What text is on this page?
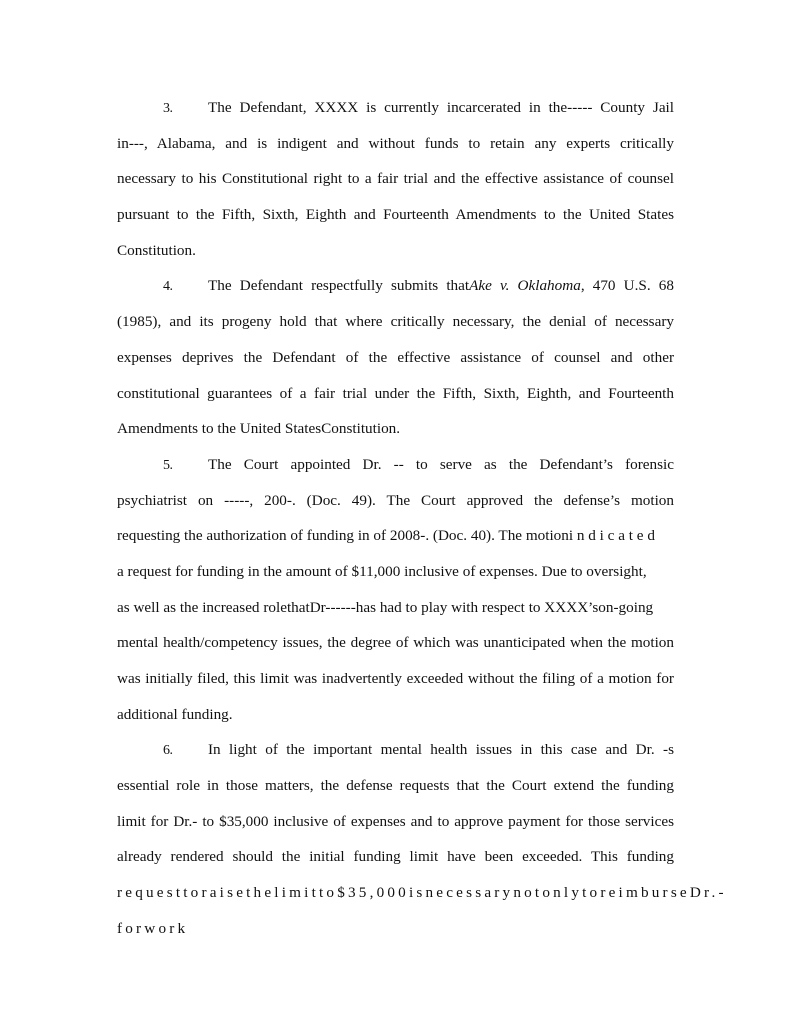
3. The Defendant, XXXX is currently incarcerated in the----- County Jail
in---, Alabama, and is indigent and without funds to retain any experts critically
necessary to his Constitutional right to a fair trial and the effective assistance of counsel
pursuant to the Fifth, Sixth, Eighth and Fourteenth Amendments to the United States
Constitution.
4. The Defendant respectfully submits thatAke v. Oklahoma, 470 U.S. 68
(1985), and its progeny hold that where critically necessary, the denial of necessary
expenses deprives the Defendant of the effective assistance of counsel and other
constitutional guarantees of a fair trial under the Fifth, Sixth, Eighth, and Fourteenth
Amendments to the United StatesConstitution.
5. The Court appointed Dr. -- to serve as the Defendant’s forensic
psychiatrist on -----, 200-. (Doc. 49). The Court approved the defense’s motion
requesting the authorization of funding in of 2008-. (Doc. 40). The motioni n d i c a t e d
a request for funding in the amount of $11,000 inclusive of expenses. Due to oversight,
as well as the increased rolethatDr------has had to play with respect to XXXX’son-going
mental health/competency issues, the degree of which was unanticipated when the motion
was initially filed, this limit was inadvertently exceeded without the filing of a motion for
additional funding.
6. In light of the important mental health issues in this case and Dr. -s
essential role in those matters, the defense requests that the Court extend the funding
limit for Dr.- to $35,000 inclusive of expenses and to approve payment for those services
already rendered should the initial funding limit have been exceeded. This funding
requesttoraisethelimitto$35,000isnecessarynotonlytoreimburseDr.-
forwork
